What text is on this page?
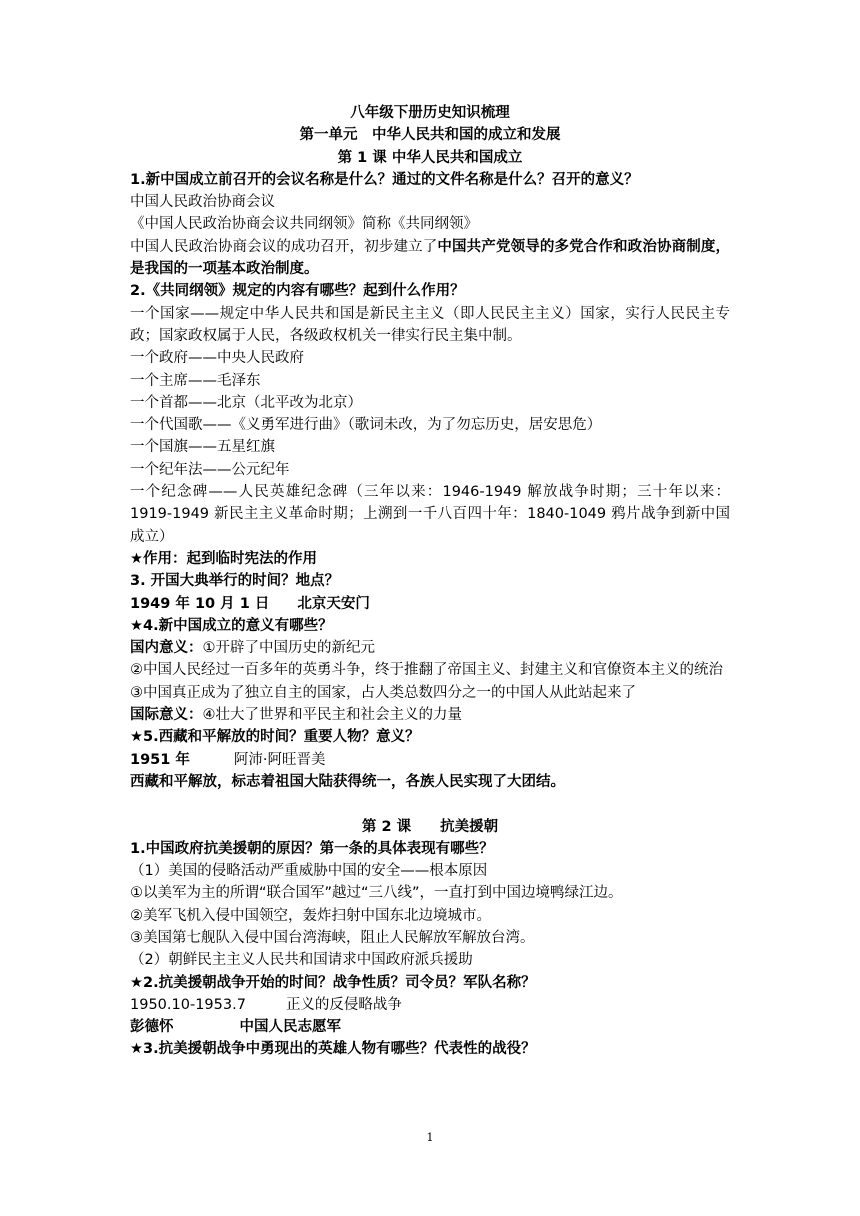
八年级下册历史知识梳理
第一单元　中华人民共和国的成立和发展
第 1 课 中华人民共和国成立
1.新中国成立前召开的会议名称是什么？通过的文件名称是什么？召开的意义？
中国人民政治协商会议
《中国人民政治协商会议共同纲领》简称《共同纲领》
中国人民政治协商会议的成功召开，初步建立了中国共产党领导的多党合作和政治协商制度，是我国的一项基本政治制度。
2.《共同纲领》规定的内容有哪些？起到什么作用？
一个国家——规定中华人民共和国是新民主主义（即人民民主主义）国家，实行人民民主专政；国家政权属于人民，各级政权机关一律实行民主集中制。
一个政府——中央人民政府
一个主席——毛泽东
一个首都——北京（北平改为北京）
一个代国歌——《义勇军进行曲》（歌词未改，为了勿忘历史，居安思危）
一个国旗——五星红旗
一个纪年法——公元纪年
一个纪念碑——人民英雄纪念碑（三年以来：1946-1949 解放战争时期；三十年以来：1919-1949 新民主主义革命时期；上溯到一千八百四十年：1840-1049 鸦片战争到新中国成立）
★作用：起到临时宪法的作用
3. 开国大典举行的时间？地点？
1949 年 10 月 1 日 北京天安门
★4.新中国成立的意义有哪些？
国内意义：①开辟了中国历史的新纪元
②中国人民经过一百多年的英勇斗争，终于推翻了帝国主义、封建主义和官僚资本主义的统治
③中国真正成为了独立自主的国家，占人类总数四分之一的中国人从此站起来了
国际意义：④壮大了世界和平民主和社会主义的力量
★5.西藏和平解放的时间？重要人物？意义？
1951 年	阿沛·阿旺晋美
西藏和平解放，标志着祖国大陆获得统一，各族人民实现了大团结。
第 2 课　　抗美援朝
1.中国政府抗美援朝的原因？第一条的具体表现有哪些？
（1）美国的侵略活动严重威胁中国的安全——根本原因
①以美军为主的所谓“联合国军”越过“三八线”，一直打到中国边境鸭绿江边。
②美军飞机入侵中国领空，轰炸扫射中国东北边境城市。
③美国第七舰队入侵中国台湾海峡，阻止人民解放军解放台湾。
（2）朝鲜民主主义人民共和国请求中国政府派兵援助
★2.抗美援朝战争开始的时间？战争性质？司令员？军队名称？
1950.10-1953.7	正义的反侵略战争
彭德怀	中国人民志愿军
★3.抗美援朝战争中勇现出的英雄人物有哪些？代表性的战役？
1
